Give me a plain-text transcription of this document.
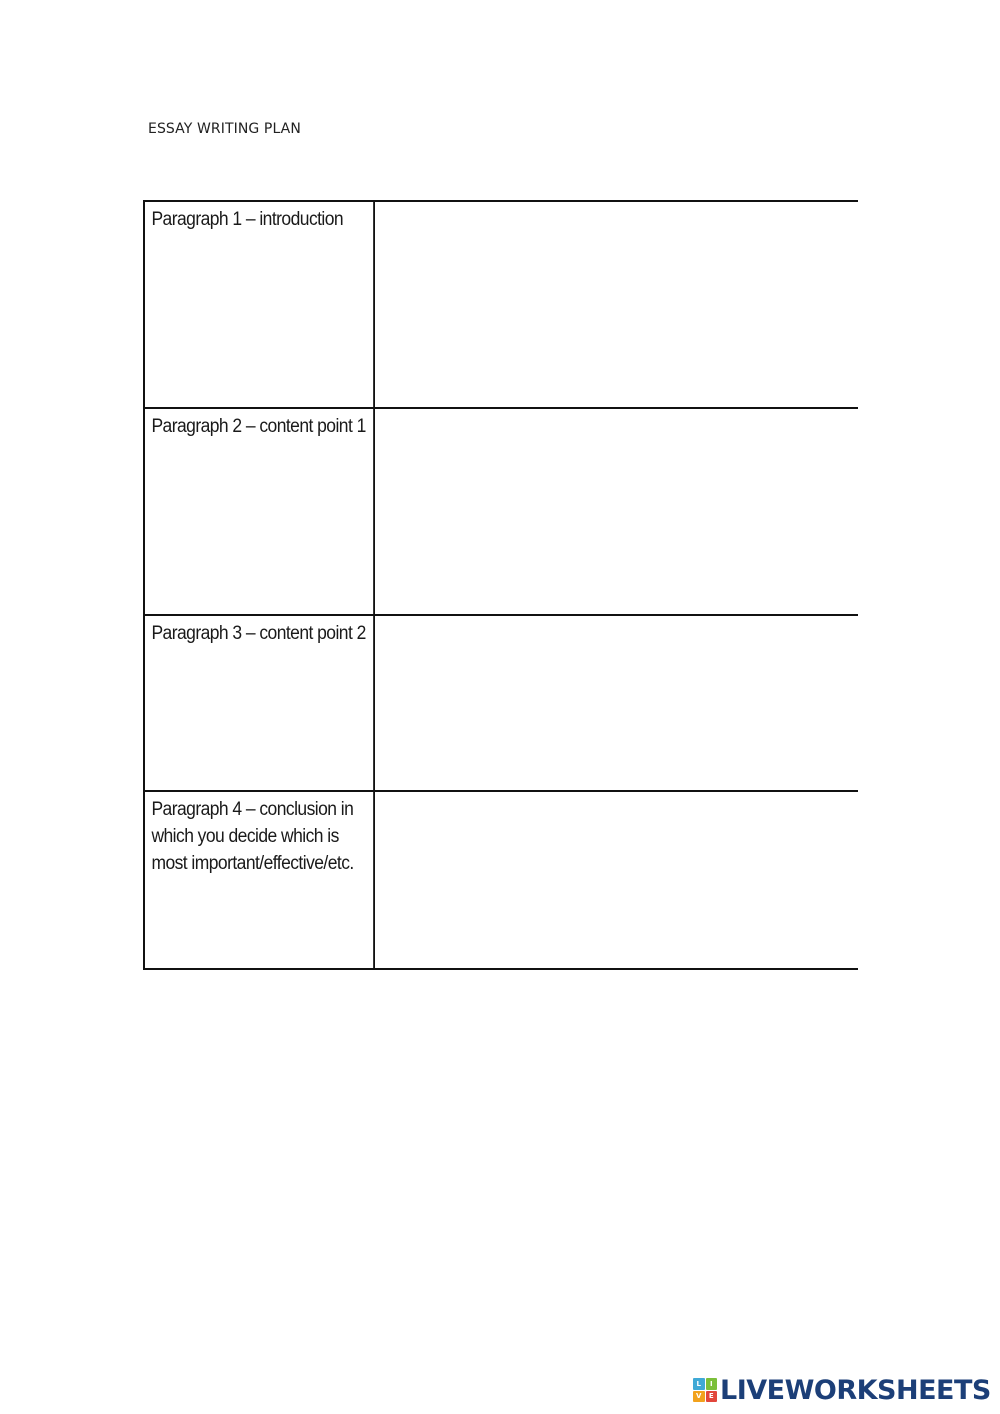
ESSAY WRITING PLAN
Paragraph 1 – introduction
Paragraph 2 – content point 1
Paragraph 3 – content point 2
Paragraph 4 – conclusion in which you decide which is most important/effective/etc.
L	I
V	E LIVEWORKSHEETS
